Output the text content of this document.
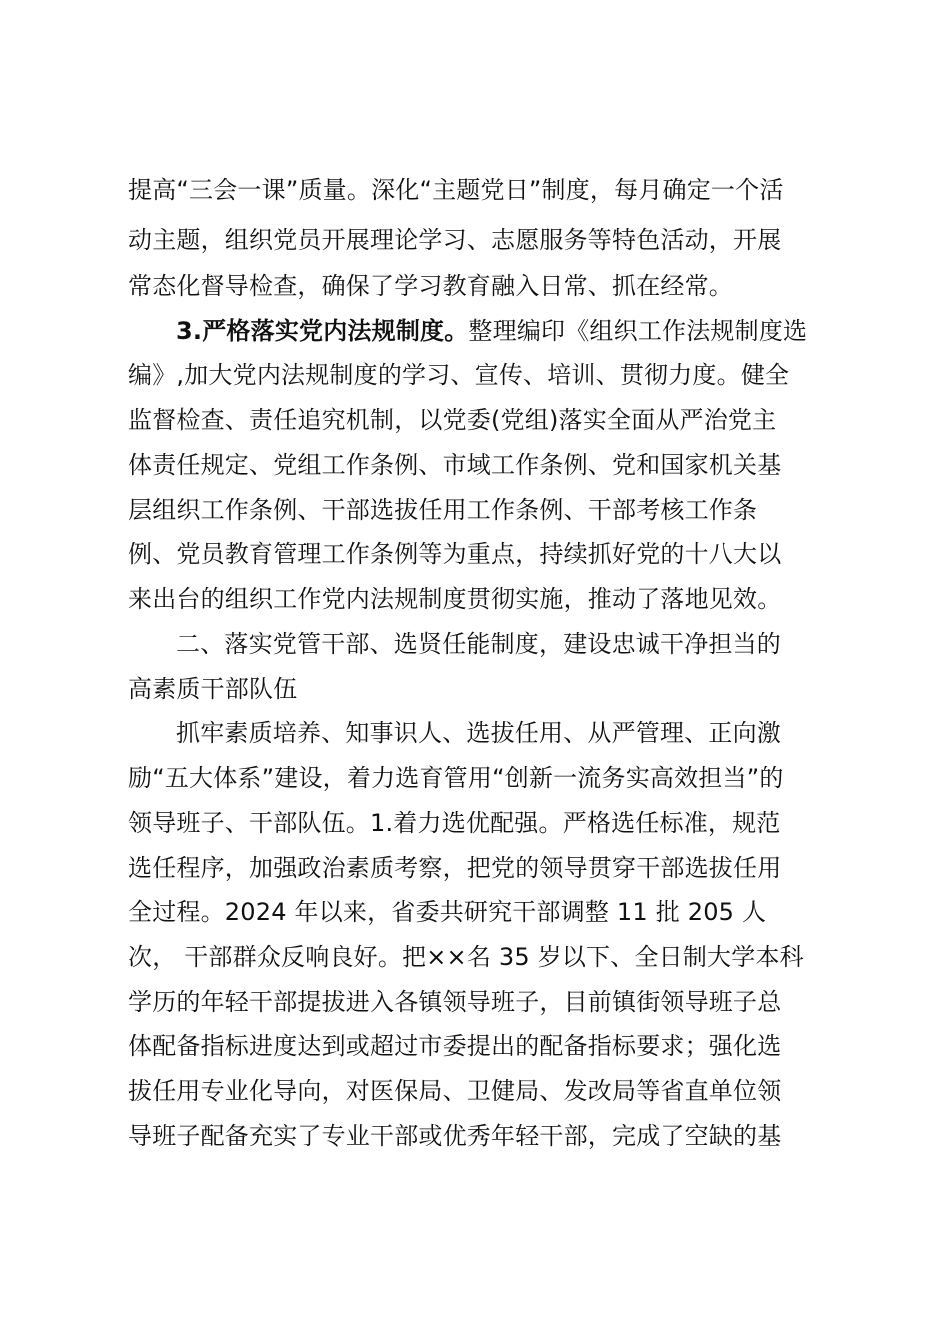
提高“三会一课”质量。深化“主题党日”制度，每月确定一个活
动主题，组织党员开展理论学习、志愿服务等特色活动，开展
常态化督导检查，确保了学习教育融入日常、抓在经常。
3.严格落实党内法规制度。整理编印《组织工作法规制度选
编》,加大党内法规制度的学习、宣传、培训、贯彻力度。健全
监督检查、责任追究机制，以党委(党组)落实全面从严治党主
体责任规定、党组工作条例、市域工作条例、党和国家机关基
层组织工作条例、干部选拔任用工作条例、干部考核工作条
例、党员教育管理工作条例等为重点，持续抓好党的十八大以
来出台的组织工作党内法规制度贯彻实施，推动了落地见效。
二、落实党管干部、选贤任能制度，建设忠诚干净担当的
高素质干部队伍
抓牢素质培养、知事识人、选拔任用、从严管理、正向激
励“五大体系”建设，着力选育管用“创新一流务实高效担当”的
领导班子、干部队伍。1.着力选优配强。严格选任标准，规范
选任程序，加强政治素质考察，把党的领导贯穿干部选拔任用
全过程。2024 年以来，省委共研究干部调整 11 批 205 人
次， 干部群众反响良好。把××名 35 岁以下、全日制大学本科
学历的年轻干部提拔进入各镇领导班子，目前镇街领导班子总
体配备指标进度达到或超过市委提出的配备指标要求；强化选
拔任用专业化导向，对医保局、卫健局、发改局等省直单位领
导班子配备充实了专业干部或优秀年轻干部，完成了空缺的基
